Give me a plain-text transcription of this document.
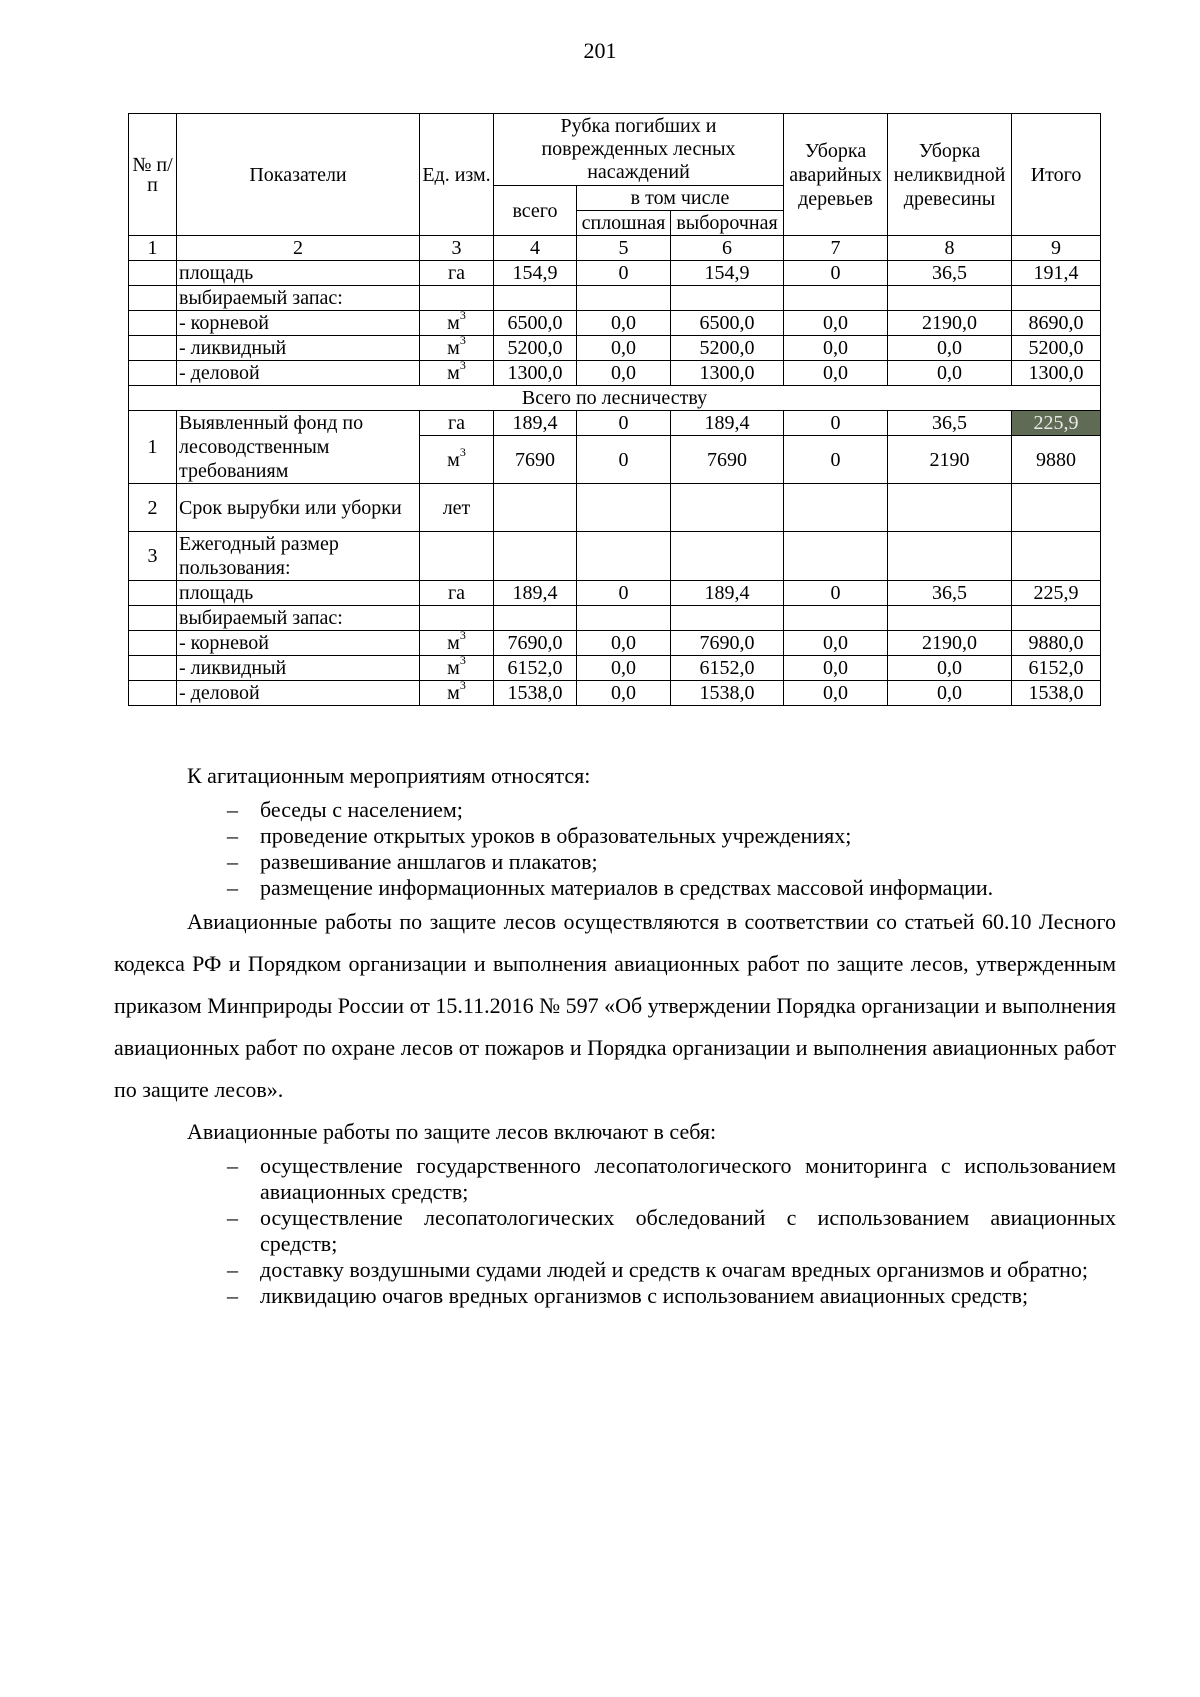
201
№ п/п	Показатели	Ед. изм.	Рубка погибших и поврежденных лесных насаждений			Уборка аварийных деревьев	Уборка неликвидной древесины	Итого
			всего	в том числе				
				сплошная	выборочная			
1	2	3	4	5	6	7	8	9
	площадь	га	154,9	0	154,9	0	36,5	191,4
	выбираемый запас:							
	- корневой	$м^3$	6500,0	0,0	6500,0	0,0	2190,0	8690,0
	- ликвидный	$м^3$	5200,0	0,0	5200,0	0,0	0,0	5200,0
	- деловой	$м^3$	1300,0	0,0	1300,0	0,0	0,0	1300,0
Всего по лесничеству								
1	Выявленный фонд по лесоводственным требованиям	га	189,4	0	189,4	0	36,5	225,9
		$м^3$	7690	0	7690	0	2190	9880
2	Срок вырубки или уборки	лет						
3	Ежегодный размер пользования:							
	площадь	га	189,4	0	189,4	0	36,5	225,9
	выбираемый запас:							
	- корневой	$м^3$	7690,0	0,0	7690,0	0,0	2190,0	9880,0
	- ликвидный	$м^3$	6152,0	0,0	6152,0	0,0	0,0	6152,0
	- деловой	$м^3$	1538,0	0,0	1538,0	0,0	0,0	1538,0

К агитационным мероприятиям относятся:

–	беседы с населением;
–	проведение открытых уроков в образовательных учреждениях;
–	развешивание аншлагов и плакатов;
–	размещение информационных материалов в средствах массовой информации.

Авиационные работы по защите лесов осуществляются в соответствии со статьей 60.10 Лесного кодекса РФ и Порядком организации и выполнения авиационных работ по защите лесов, утвержденным приказом Минприроды России от 15.11.2016 № 597 «Об утверждении Порядка организации и выполнения авиационных работ по охране лесов от пожаров и Порядка организации и выполнения авиационных работ по защите лесов».

Авиационные работы по защите лесов включают в себя:

–	осуществление государственного лесопатологического мониторинга с использованием авиационных средств;
–	осуществление лесопатологических обследований с использованием авиационных средств;
–	доставку воздушными судами людей и средств к очагам вредных организмов и обратно;
–	ликвидацию очагов вредных организмов с использованием авиационных средств;
